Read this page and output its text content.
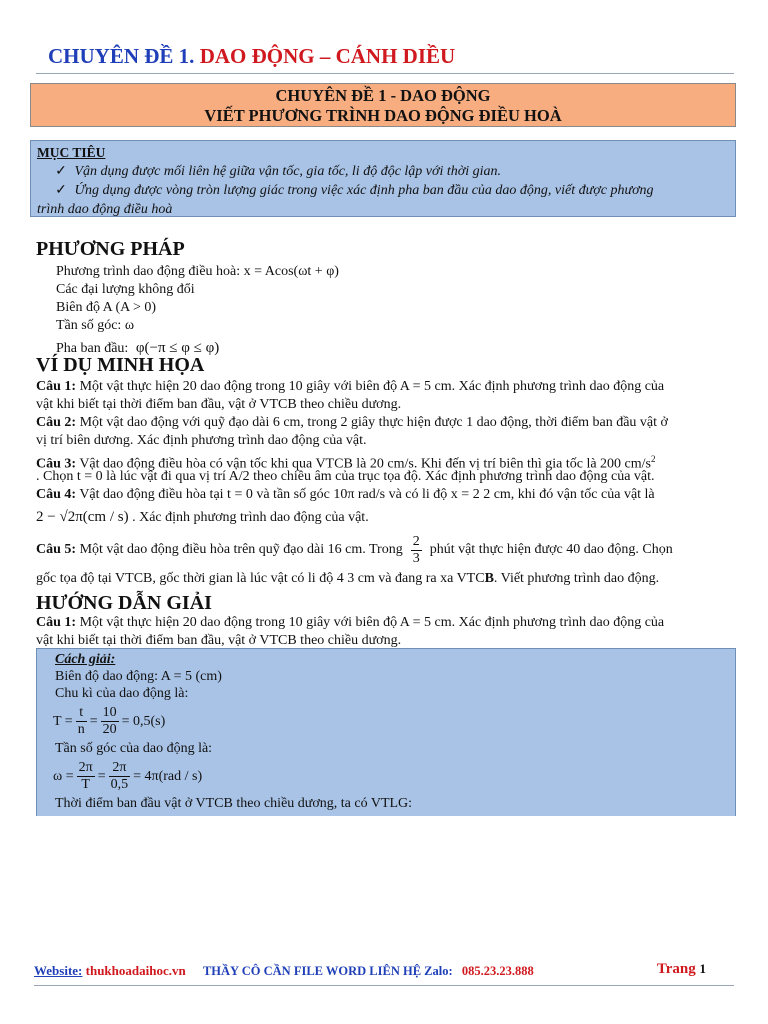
CHUYÊN ĐỀ 1. DAO ĐỘNG – CÁNH DIỀU
CHUYÊN ĐỀ 1 - DAO ĐỘNG
VIẾT PHƯƠNG TRÌNH DAO ĐỘNG ĐIỀU HOÀ
MỤC TIÊU
✓ Vận dụng được mối liên hệ giữa vận tốc, gia tốc, li độ độc lập với thời gian.
✓ Ứng dụng được vòng tròn lượng giác trong việc xác định pha ban đầu của dao động, viết được phương
trình dao động điều hoà
PHƯƠNG PHÁP
Phương trình dao động điều hoà: x = Acos(ωt + φ)
Các đại lượng không đổi
Biên độ A (A > 0)
Tần số góc: ω
Pha ban đầu: φ(−π ≤ φ ≤ φ)
VÍ DỤ MINH HỌA
Câu 1: Một vật thực hiện 20 dao động trong 10 giây với biên độ A = 5 cm. Xác định phương trình dao động của
vật khi biết tại thời điểm ban đầu, vật ở VTCB theo chiều dương.
Câu 2: Một vật dao động với quỹ đạo dài 6 cm, trong 2 giây thực hiện được 1 dao động, thời điểm ban đầu vật ở
vị trí biên dương. Xác định phương trình dao động của vật.
Câu 3: Vật dao động điều hòa có vận tốc khi qua VTCB là 20 cm/s. Khi đến vị trí biên thì gia tốc là 200 $cm/s^2$
. Chọn t = 0 là lúc vật đi qua vị trí A/2 theo chiều âm của trục tọa độ. Xác định phương trình dao động của vật.
Câu 4: Vật dao động điều hòa tại t = 0 và tần số góc 10π rad/s và có li độ x = 2 2 cm, khi đó vận tốc của vật là
2 − √2π(cm / s) . Xác định phương trình dao động của vật.
Câu 5:
Một vật dao động điều hòa trên quỹ đạo dài 16 cm. Trong $\frac{2}{3}$ phút vật thực hiện được 40 dao động. Chọn
gốc tọa độ tại VTCB, gốc thời gian là lúc vật có li độ 4 3 cm và đang ra xa VTCB. Viết phương trình dao động.
HƯỚNG DẪN GIẢI
Câu 1: Một vật thực hiện 20 dao động trong 10 giây với biên độ A = 5 cm. Xác định phương trình dao động của
vật khi biết tại thời điểm ban đầu, vật ở VTCB theo chiều dương.
Cách giải:
Biên độ dao động: A = 5 (cm)
Chu kì của dao động là:
$T = \frac{t}{n} = \frac{10}{20} = 0,5(s)$
Tần số góc của dao động là:
$\omega = \frac{2\pi}{T} = \frac{2\pi}{0,5} = 4\pi(rad / s)$
Thời điểm ban đầu vật ở VTCB theo chiều dương, ta có VTLG:
Website: thukhoadaihoc.vn THẦY CÔ CẦN FILE WORD LIÊN HỆ Zalo: 085.23.23.888	Trang 1
